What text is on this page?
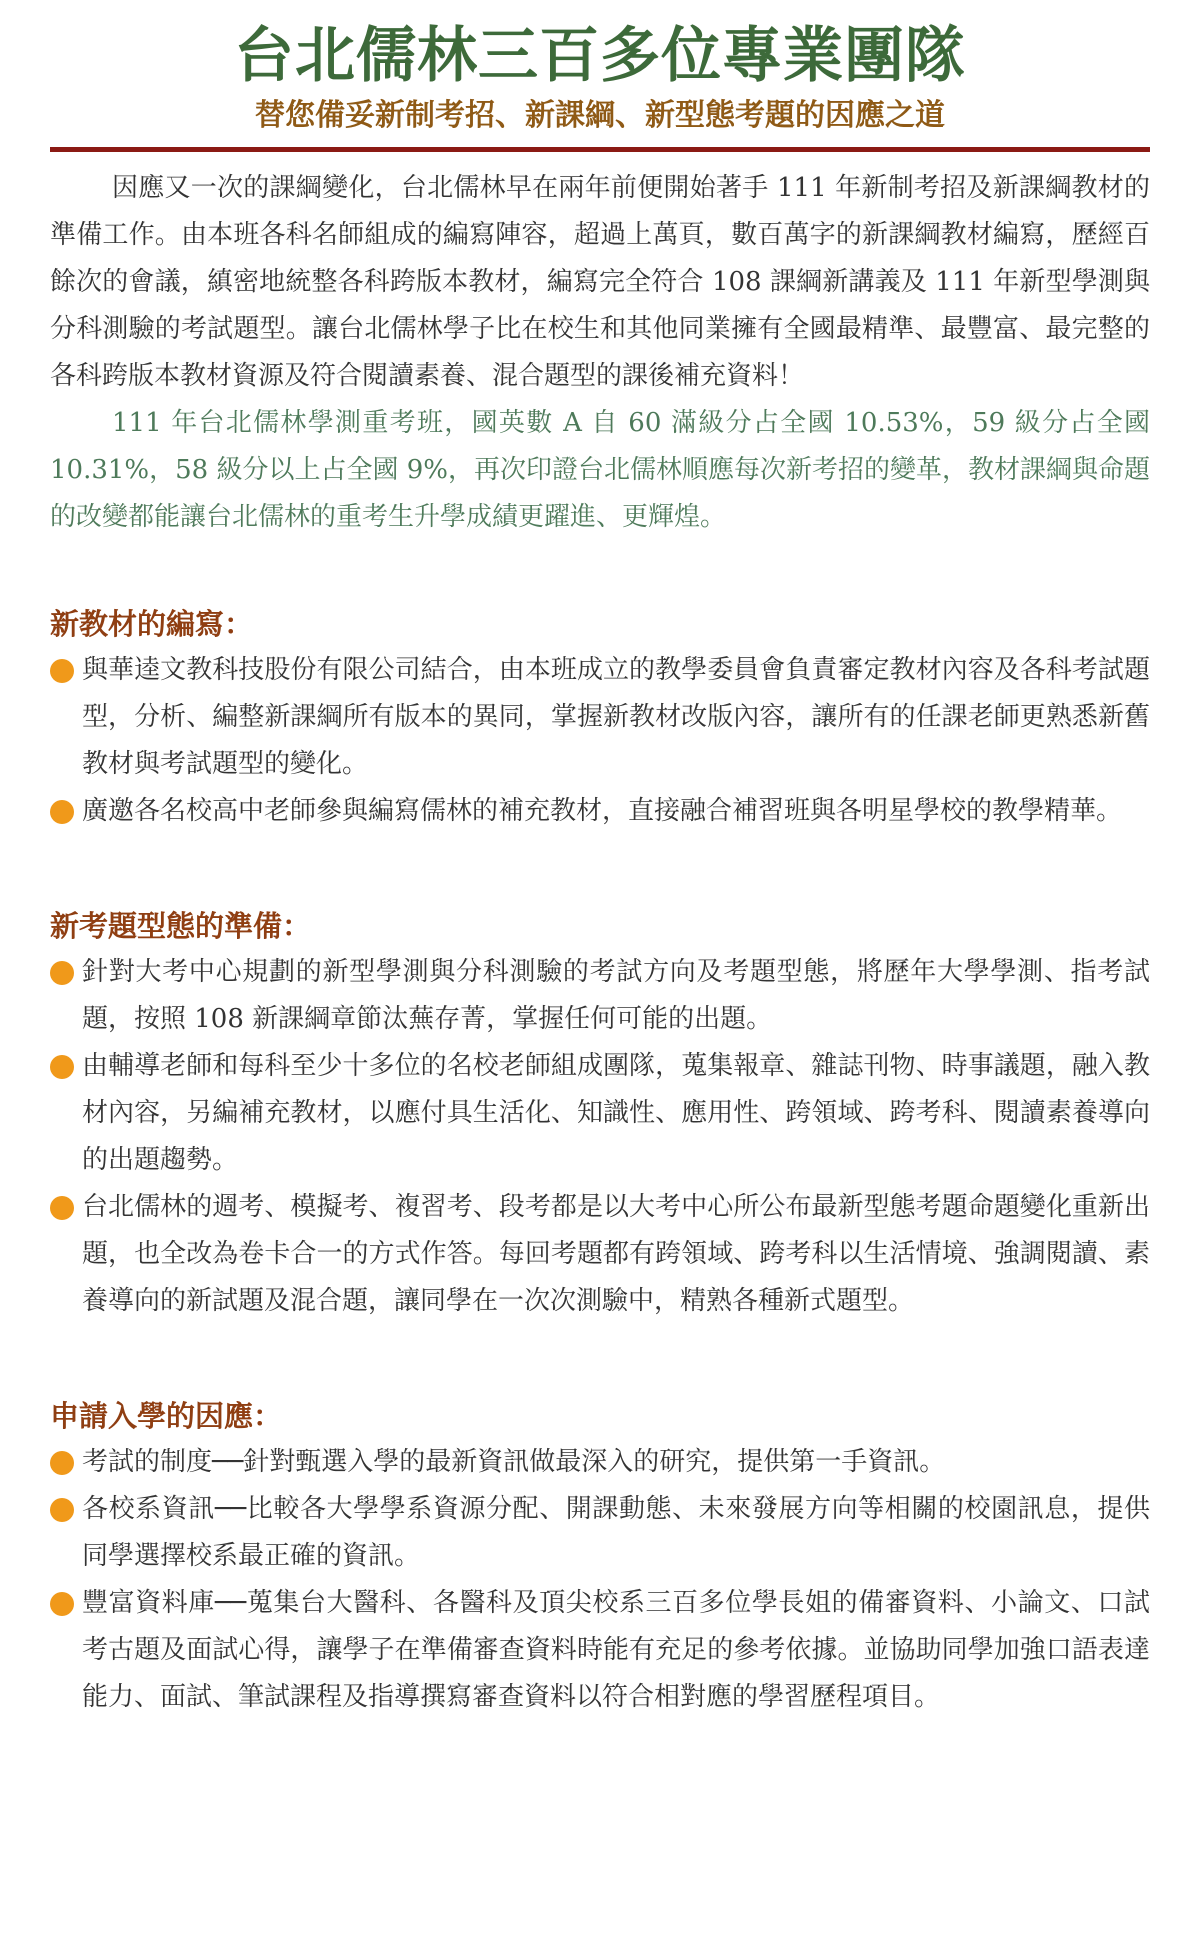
台北儒林三百多位專業團隊
替您備妥新制考招、新課綱、新型態考題的因應之道

因應又一次的課綱變化，台北儒林早在兩年前便開始著手 111 年新制考招及新課綱教材的準備工作。由本班各科名師組成的編寫陣容，超過上萬頁，數百萬字的新課綱教材編寫，歷經百餘次的會議，縝密地統整各科跨版本教材，編寫完全符合 108 課綱新講義及 111 年新型學測與分科測驗的考試題型。讓台北儒林學子比在校生和其他同業擁有全國最精準、最豐富、最完整的各科跨版本教材資源及符合閱讀素養、混合題型的課後補充資料！

111 年台北儒林學測重考班，國英數 A 自 60 滿級分占全國 10.53%，59 級分占全國 10.31%，58 級分以上占全國 9%，再次印證台北儒林順應每次新考招的變革，教材課綱與命題的改變都能讓台北儒林的重考生升學成績更躍進、更輝煌。

新教材的編寫：
與華逵文教科技股份有限公司結合，由本班成立的教學委員會負責審定教材內容及各科考試題型，分析、編整新課綱所有版本的異同，掌握新教材改版內容，讓所有的任課老師更熟悉新舊教材與考試題型的變化。
廣邀各名校高中老師參與編寫儒林的補充教材，直接融合補習班與各明星學校的教學精華。
新考題型態的準備：
針對大考中心規劃的新型學測與分科測驗的考試方向及考題型態，將歷年大學學測、指考試題，按照 108 新課綱章節汰蕪存菁，掌握任何可能的出題。
由輔導老師和每科至少十多位的名校老師組成團隊，蒐集報章、雜誌刊物、時事議題，融入教材內容，另編補充教材，以應付具生活化、知識性、應用性、跨領域、跨考科、閱讀素養導向的出題趨勢。
台北儒林的週考、模擬考、複習考、段考都是以大考中心所公布最新型態考題命題變化重新出題，也全改為卷卡合一的方式作答。每回考題都有跨領域、跨考科以生活情境、強調閱讀、素養導向的新試題及混合題，讓同學在一次次測驗中，精熟各種新式題型。
申請入學的因應：
考試的制度──針對甄選入學的最新資訊做最深入的研究，提供第一手資訊。
各校系資訊──比較各大學學系資源分配、開課動態、未來發展方向等相關的校園訊息，提供同學選擇校系最正確的資訊。
豐富資料庫──蒐集台大醫科、各醫科及頂尖校系三百多位學長姐的備審資料、小論文、口試考古題及面試心得，讓學子在準備審查資料時能有充足的參考依據。並協助同學加強口語表達能力、面試、筆試課程及指導撰寫審查資料以符合相對應的學習歷程項目。
